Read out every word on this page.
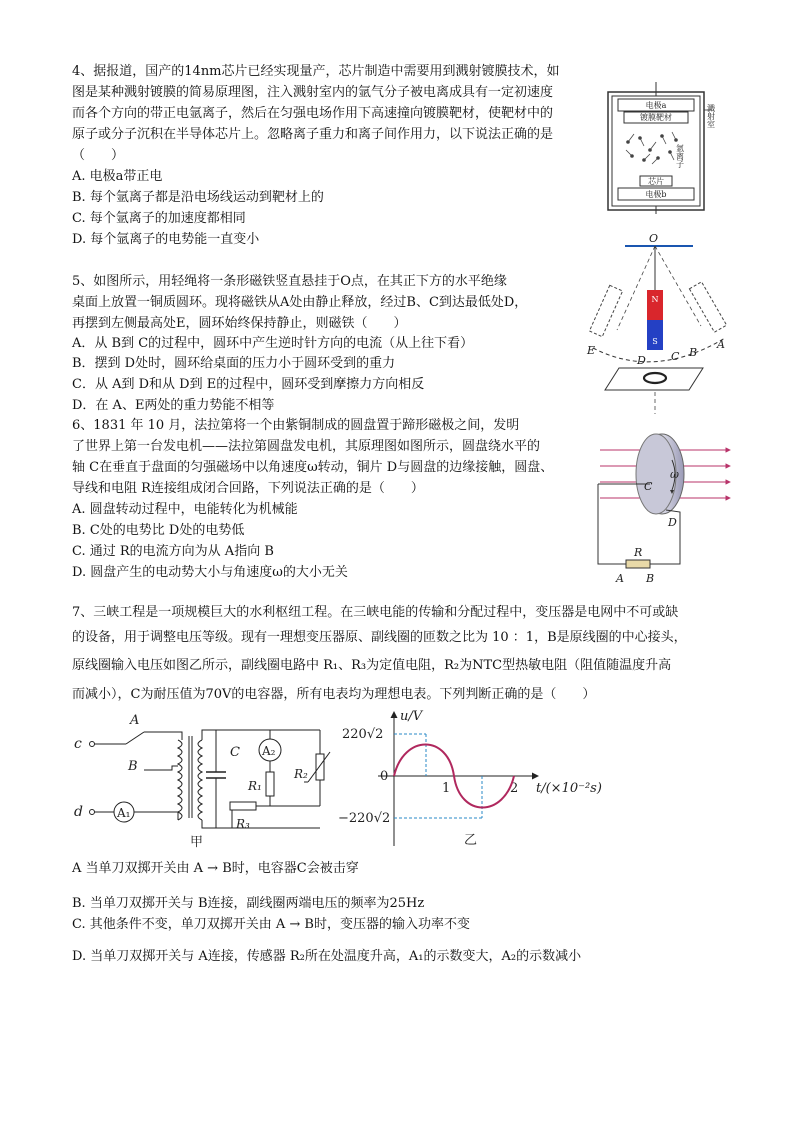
4、据报道，国产的14nm芯片已经实现量产，芯片制造中需要用到溅射镀膜技术，如
图是某种溅射镀膜的简易原理图，注入溅射室内的氩气分子被电离成具有一定初速度
而各个方向的带正电氩离子，然后在匀强电场作用下高速撞向镀膜靶材，使靶材中的
原子或分子沉积在半导体芯片上。忽略离子重力和离子间作用力，以下说法正确的是
（　　）
A. 电极a带正电
B. 每个氩离子都是沿电场线运动到靶材上的
C. 每个氩离子的加速度都相同
D. 每个氩离子的电势能一直变小
电极a
镀膜靶材
氩离子
芯片
电极b
溅射室
5、如图所示，用轻绳将一条形磁铁竖直悬挂于O点，在其正下方的水平绝缘
桌面上放置一铜质圆环。现将磁铁从A处由静止释放，经过B、C到达最低处D，
再摆到左侧最高处E，圆环始终保持静止，则磁铁（　　）
A．从 B到 C的过程中，圆环中产生逆时针方向的电流（从上往下看）
B．摆到 D处时，圆环给桌面的压力小于圆环受到的重力
C．从 A到 D和从 D到 E的过程中，圆环受到摩擦力方向相反
D．在 A、E两处的重力势能不相等
O
N
S
E
D C B
A
6、1831 年 10 月，法拉第将一个由紫铜制成的圆盘置于蹄形磁极之间，发明
了世界上第一台发电机——法拉第圆盘发电机，其原理图如图所示，圆盘绕水平的
轴 C在垂直于盘面的匀强磁场中以角速度ω转动，铜片 D与圆盘的边缘接触，圆盘、
导线和电阻 R连接组成闭合回路，下列说法正确的是（　　）
A. 圆盘转动过程中，电能转化为机械能
B. C处的电势比 D处的电势低
C. 通过 R的电流方向为从 A指向 B
D. 圆盘产生的电动势大小与角速度ω的大小无关
C
ω
D
R
A B
7、三峡工程是一项规模巨大的水利枢纽工程。在三峡电能的传输和分配过程中，变压器是电网中不可或缺
的设备，用于调整电压等级。现有一理想变压器原、副线圈的匝数之比为 10 ：1，B是原线圈的中心接头，
原线圈输入电压如图乙所示，副线圈电路中 R₁、R₃为定值电阻，R₂为NTC型热敏电阻（阻值随温度升高
而减小），C为耐压值为70V的电容器，所有电表均为理想电表。下列判断正确的是（　　）
c
d
A
B
A₁
C A₂
R₁
R₃
R₂
甲
u/V
t/(×10⁻²s)
220√2
−220√2
0
1	2
乙
A 当单刀双掷开关由 A → B时，电容器C会被击穿
B. 当单刀双掷开关与 B连接，副线圈两端电压的频率为25Hz
C. 其他条件不变，单刀双掷开关由 A → B时，变压器的输入功率不变
D. 当单刀双掷开关与 A连接，传感器 R₂所在处温度升高，A₁的示数变大，A₂的示数减小
